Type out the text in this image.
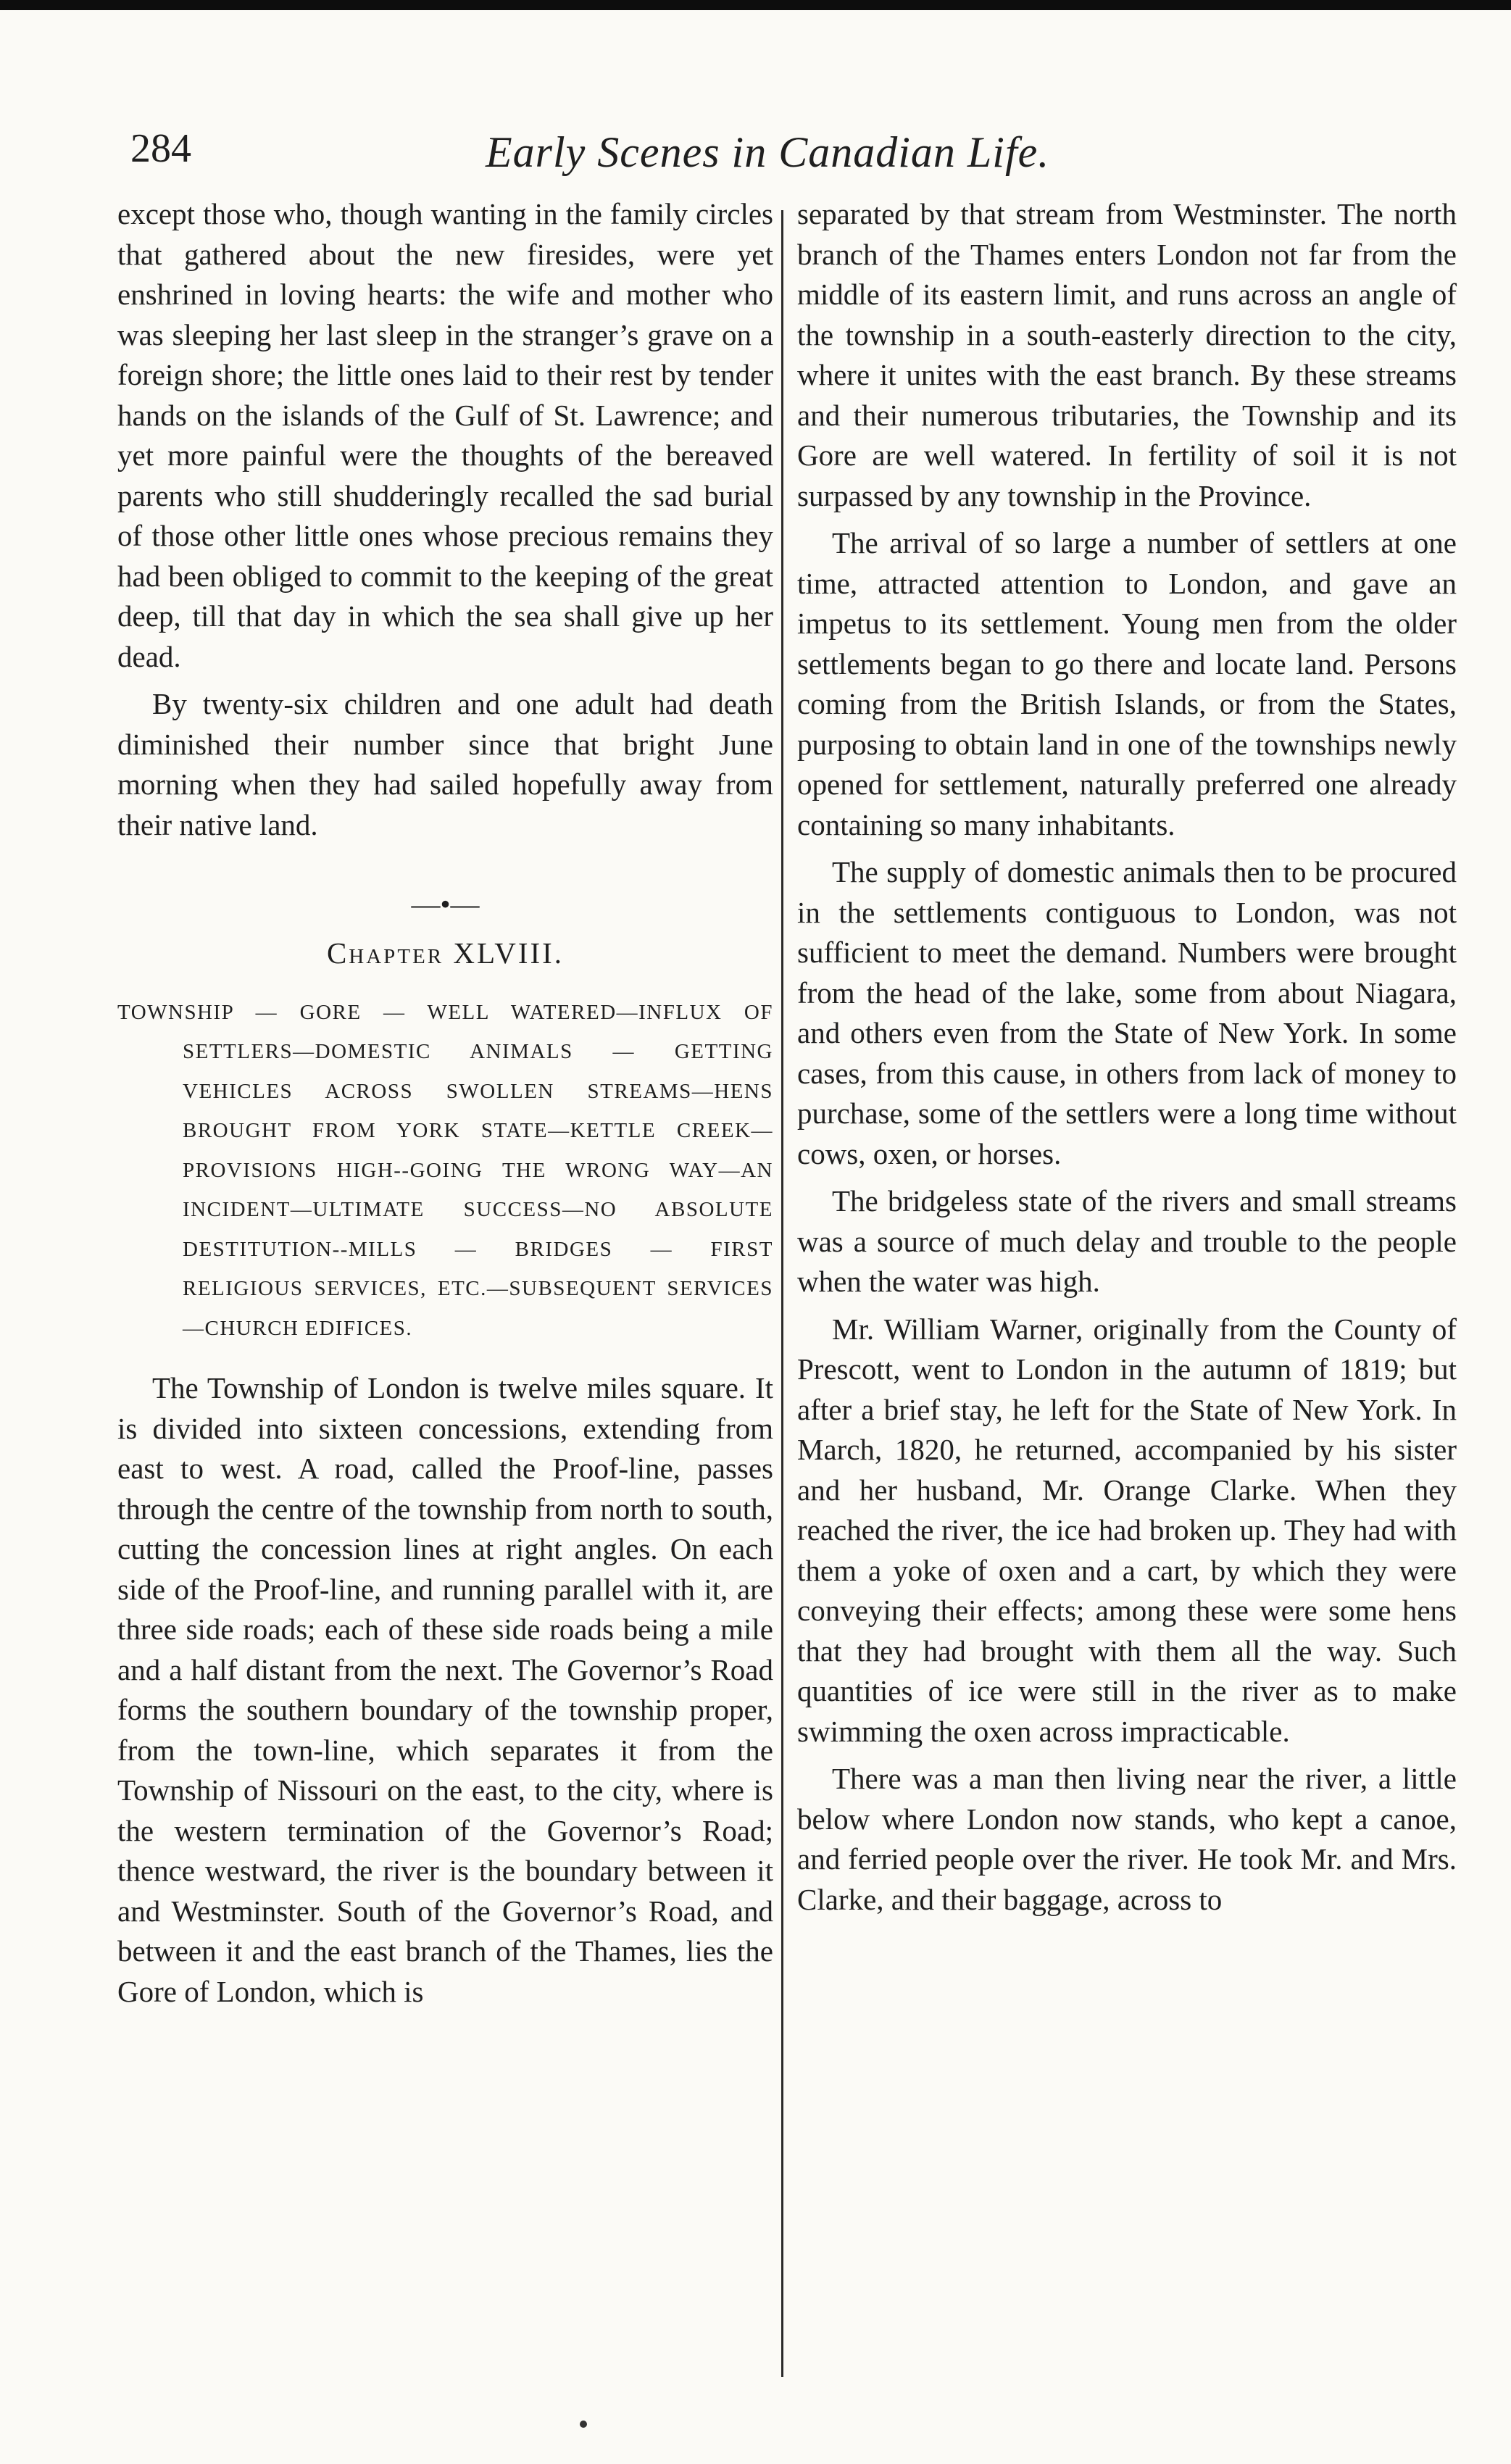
284	Early Scenes in Canadian Life.

except those who, though wanting in the family circles that gathered about the new firesides, were yet enshrined in loving hearts: the wife and mother who was sleeping her last sleep in the stranger’s grave on a foreign shore; the little ones laid to their rest by tender hands on the islands of the Gulf of St. Lawrence; and yet more painful were the thoughts of the bereaved parents who still shudderingly recalled the sad burial of those other little ones whose precious remains they had been obliged to commit to the keeping of the great deep, till that day in which the sea shall give up her dead.

By twenty-six children and one adult had death diminished their number since that bright June morning when they had sailed hopefully away from their native land.

—•—
Chapter XLVIII.
TOWNSHIP — GORE — WELL WATERED—INFLUX OF SETTLERS—DOMESTIC ANIMALS — GETTING VEHICLES ACROSS SWOLLEN STREAMS—HENS BROUGHT FROM YORK STATE—KETTLE CREEK—PROVISIONS HIGH--GOING THE WRONG WAY—AN INCIDENT—ULTIMATE SUCCESS—NO ABSOLUTE DESTITUTION--MILLS — BRIDGES — FIRST RELIGIOUS SERVICES, ETC.—SUBSEQUENT SERVICES—CHURCH EDIFICES.

The Township of London is twelve miles square. It is divided into sixteen concessions, extending from east to west. A road, called the Proof-line, passes through the centre of the township from north to south, cutting the concession lines at right angles. On each side of the Proof-line, and running parallel with it, are three side roads; each of these side roads being a mile and a half distant from the next. The Governor’s Road forms the southern boundary of the township proper, from the town-line, which separates it from the Township of Nissouri on the east, to the city, where is the western termination of the Governor’s Road; thence westward, the river is the boundary between it and Westminster. South of the Governor’s Road, and between it and the east branch of the Thames, lies the Gore of London, which is

separated by that stream from Westminster. The north branch of the Thames enters London not far from the middle of its eastern limit, and runs across an angle of the township in a south-easterly direction to the city, where it unites with the east branch. By these streams and their numerous tributaries, the Township and its Gore are well watered. In fertility of soil it is not surpassed by any township in the Province.

The arrival of so large a number of settlers at one time, attracted attention to London, and gave an impetus to its settlement. Young men from the older settlements began to go there and locate land. Persons coming from the British Islands, or from the States, purposing to obtain land in one of the townships newly opened for settlement, naturally preferred one already containing so many inhabitants.

The supply of domestic animals then to be procured in the settlements contiguous to London, was not sufficient to meet the demand. Numbers were brought from the head of the lake, some from about Niagara, and others even from the State of New York. In some cases, from this cause, in others from lack of money to purchase, some of the settlers were a long time without cows, oxen, or horses.

The bridgeless state of the rivers and small streams was a source of much delay and trouble to the people when the water was high.

Mr. William Warner, originally from the County of Prescott, went to London in the autumn of 1819; but after a brief stay, he left for the State of New York. In March, 1820, he returned, accompanied by his sister and her husband, Mr. Orange Clarke. When they reached the river, the ice had broken up. They had with them a yoke of oxen and a cart, by which they were conveying their effects; among these were some hens that they had brought with them all the way. Such quantities of ice were still in the river as to make swimming the oxen across impracticable.

There was a man then living near the river, a little below where London now stands, who kept a canoe, and ferried people over the river. He took Mr. and Mrs. Clarke, and their baggage, across to
